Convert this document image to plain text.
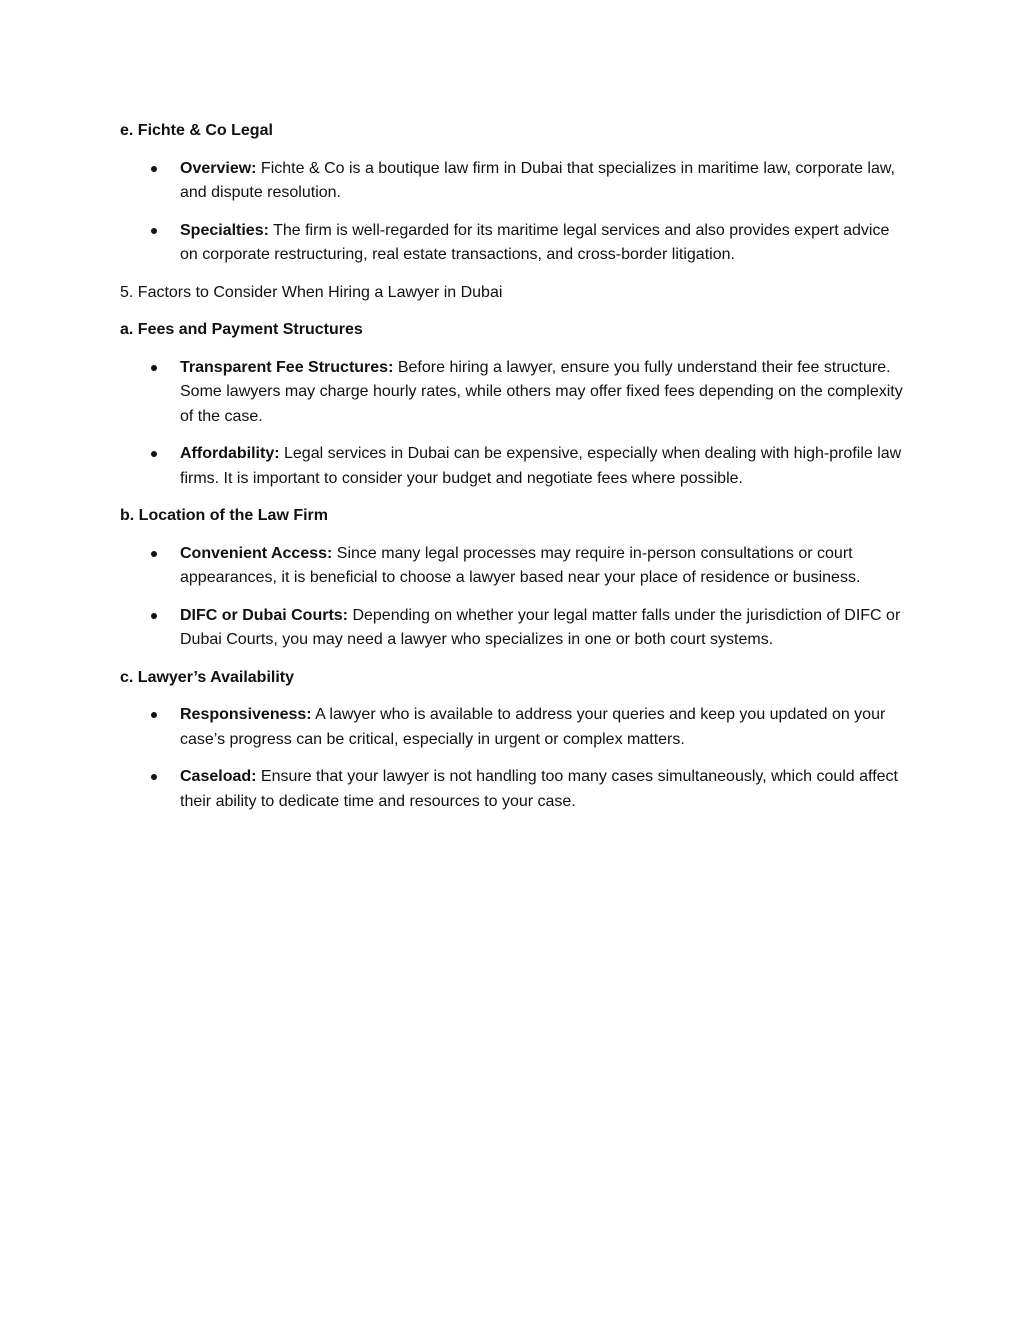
e. Fichte & Co Legal
Overview: Fichte & Co is a boutique law firm in Dubai that specializes in maritime law, corporate law, and dispute resolution.
Specialties: The firm is well-regarded for its maritime legal services and also provides expert advice on corporate restructuring, real estate transactions, and cross-border litigation.
5. Factors to Consider When Hiring a Lawyer in Dubai
a. Fees and Payment Structures
Transparent Fee Structures: Before hiring a lawyer, ensure you fully understand their fee structure. Some lawyers may charge hourly rates, while others may offer fixed fees depending on the complexity of the case.
Affordability: Legal services in Dubai can be expensive, especially when dealing with high-profile law firms. It is important to consider your budget and negotiate fees where possible.
b. Location of the Law Firm
Convenient Access: Since many legal processes may require in-person consultations or court appearances, it is beneficial to choose a lawyer based near your place of residence or business.
DIFC or Dubai Courts: Depending on whether your legal matter falls under the jurisdiction of DIFC or Dubai Courts, you may need a lawyer who specializes in one or both court systems.
c. Lawyer’s Availability
Responsiveness: A lawyer who is available to address your queries and keep you updated on your case’s progress can be critical, especially in urgent or complex matters.
Caseload: Ensure that your lawyer is not handling too many cases simultaneously, which could affect their ability to dedicate time and resources to your case.
